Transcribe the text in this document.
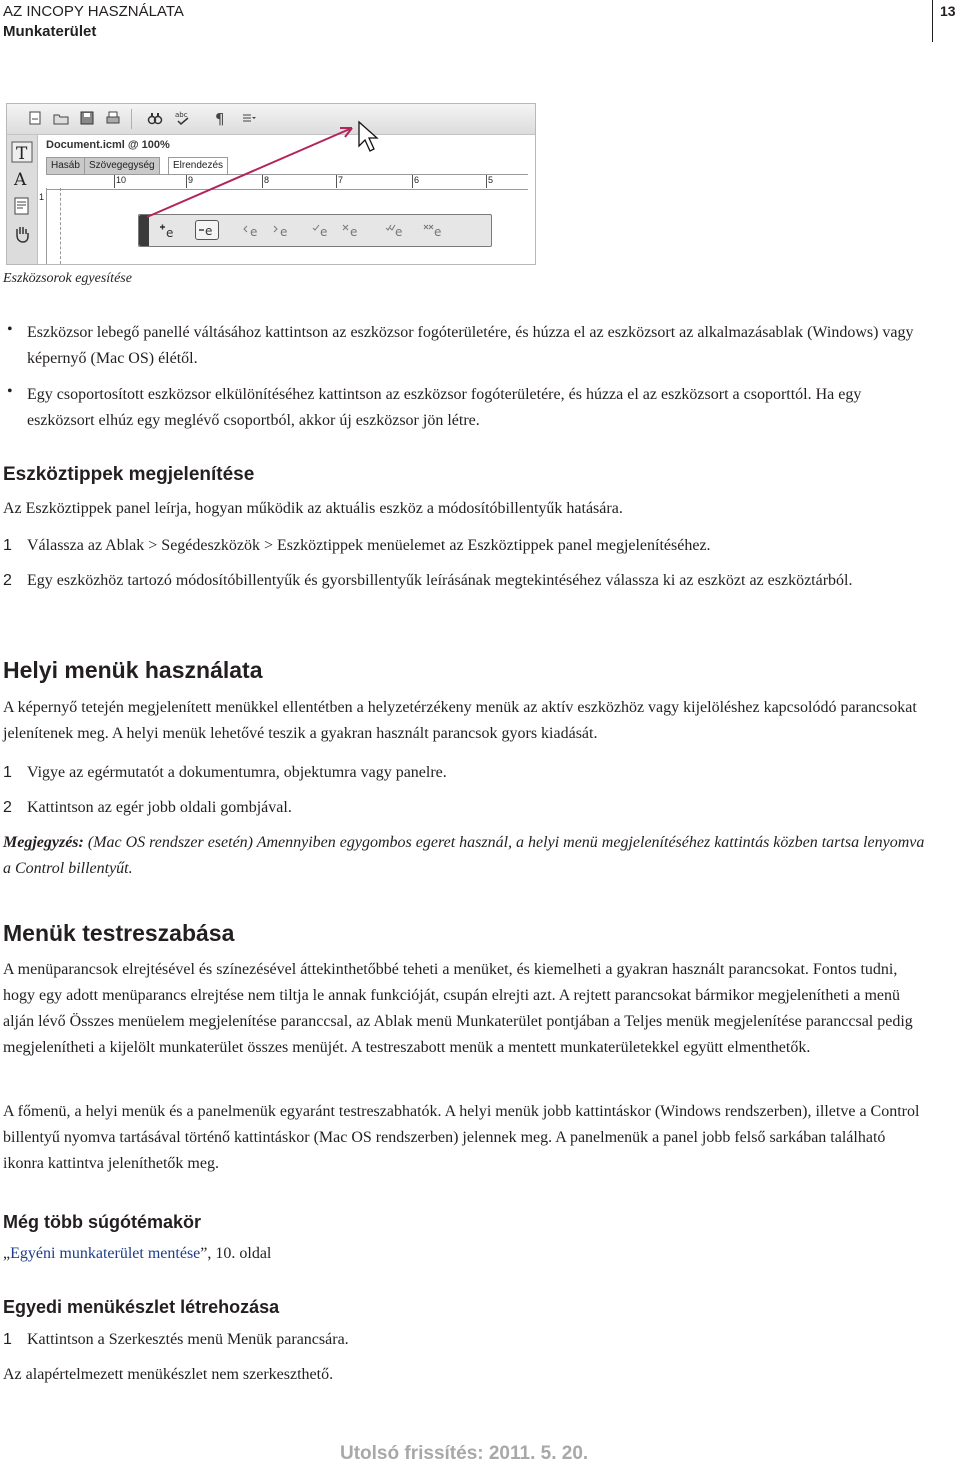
AZ INCOPY HASZNÁLATA
Munkaterület
13
abc ¶
T
A
Document.icml @ 100%
Hasáb Szövegegység	Elrendezés
10	9	8	7	6	5
1
e	e	e e	e e	e	e
Eszközsorok egyesítése
• Eszközsor lebegő panellé váltásához kattintson az eszközsor fogóterületére, és húzza el az eszközsort az alkalmazásablak (Windows) vagy képernyő (Mac OS) élétől.

• Egy csoportosított eszközsor elkülönítéséhez kattintson az eszközsor fogóterületére, és húzza el az eszközsort a csoporttól. Ha egy eszközsort elhúz egy meglévő csoportból, akkor új eszközsor jön létre.

Eszköztippek megjelenítése

Az Eszköztippek panel leírja, hogyan működik az aktuális eszköz a módosítóbillentyűk hatására.

1 Válassza az Ablak > Segédeszközök > Eszköztippek menüelemet az Eszköztippek panel megjelenítéséhez.

2 Egy eszközhöz tartozó módosítóbillentyűk és gyorsbillentyűk leírásának megtekintéséhez válassza ki az eszközt az eszköztárból.

Helyi menük használata

A képernyő tetején megjelenített menükkel ellentétben a helyzetérzékeny menük az aktív eszközhöz vagy kijelöléshez kapcsolódó parancsokat jelenítenek meg. A helyi menük lehetővé teszik a gyakran használt parancsok gyors kiadását.

1 Vigye az egérmutatót a dokumentumra, objektumra vagy panelre.

2 Kattintson az egér jobb oldali gombjával.

Megjegyzés: (Mac OS rendszer esetén) Amennyiben egygombos egeret használ, a helyi menü megjelenítéséhez kattintás közben tartsa lenyomva a Control billentyűt.

Menük testreszabása

A menüparancsok elrejtésével és színezésével áttekinthetőbbé teheti a menüket, és kiemelheti a gyakran használt parancsokat. Fontos tudni, hogy egy adott menüparancs elrejtése nem tiltja le annak funkcióját, csupán elrejti azt. A rejtett parancsokat bármikor megjelenítheti a menü alján lévő Összes menüelem megjelenítése paranccsal, az Ablak menü Munkaterület pontjában a Teljes menük megjelenítése paranccsal pedig megjelenítheti a kijelölt munkaterület összes menüjét. A testreszabott menük a mentett munkaterületekkel együtt elmenthetők.

A főmenü, a helyi menük és a panelmenük egyaránt testreszabhatók. A helyi menük jobb kattintáskor (Windows rendszerben), illetve a Control billentyű nyomva tartásával történő kattintáskor (Mac OS rendszerben) jelennek meg. A panelmenük a panel jobb felső sarkában található ikonra kattintva jeleníthetők meg.

Még több súgótémakör

„Egyéni munkaterület mentése”, 10. oldal

Egyedi menükészlet létrehozása
1 Kattintson a Szerkesztés menü Menük parancsára.

Az alapértelmezett menükészlet nem szerkeszthető.

Utolsó frissítés: 2011. 5. 20.
